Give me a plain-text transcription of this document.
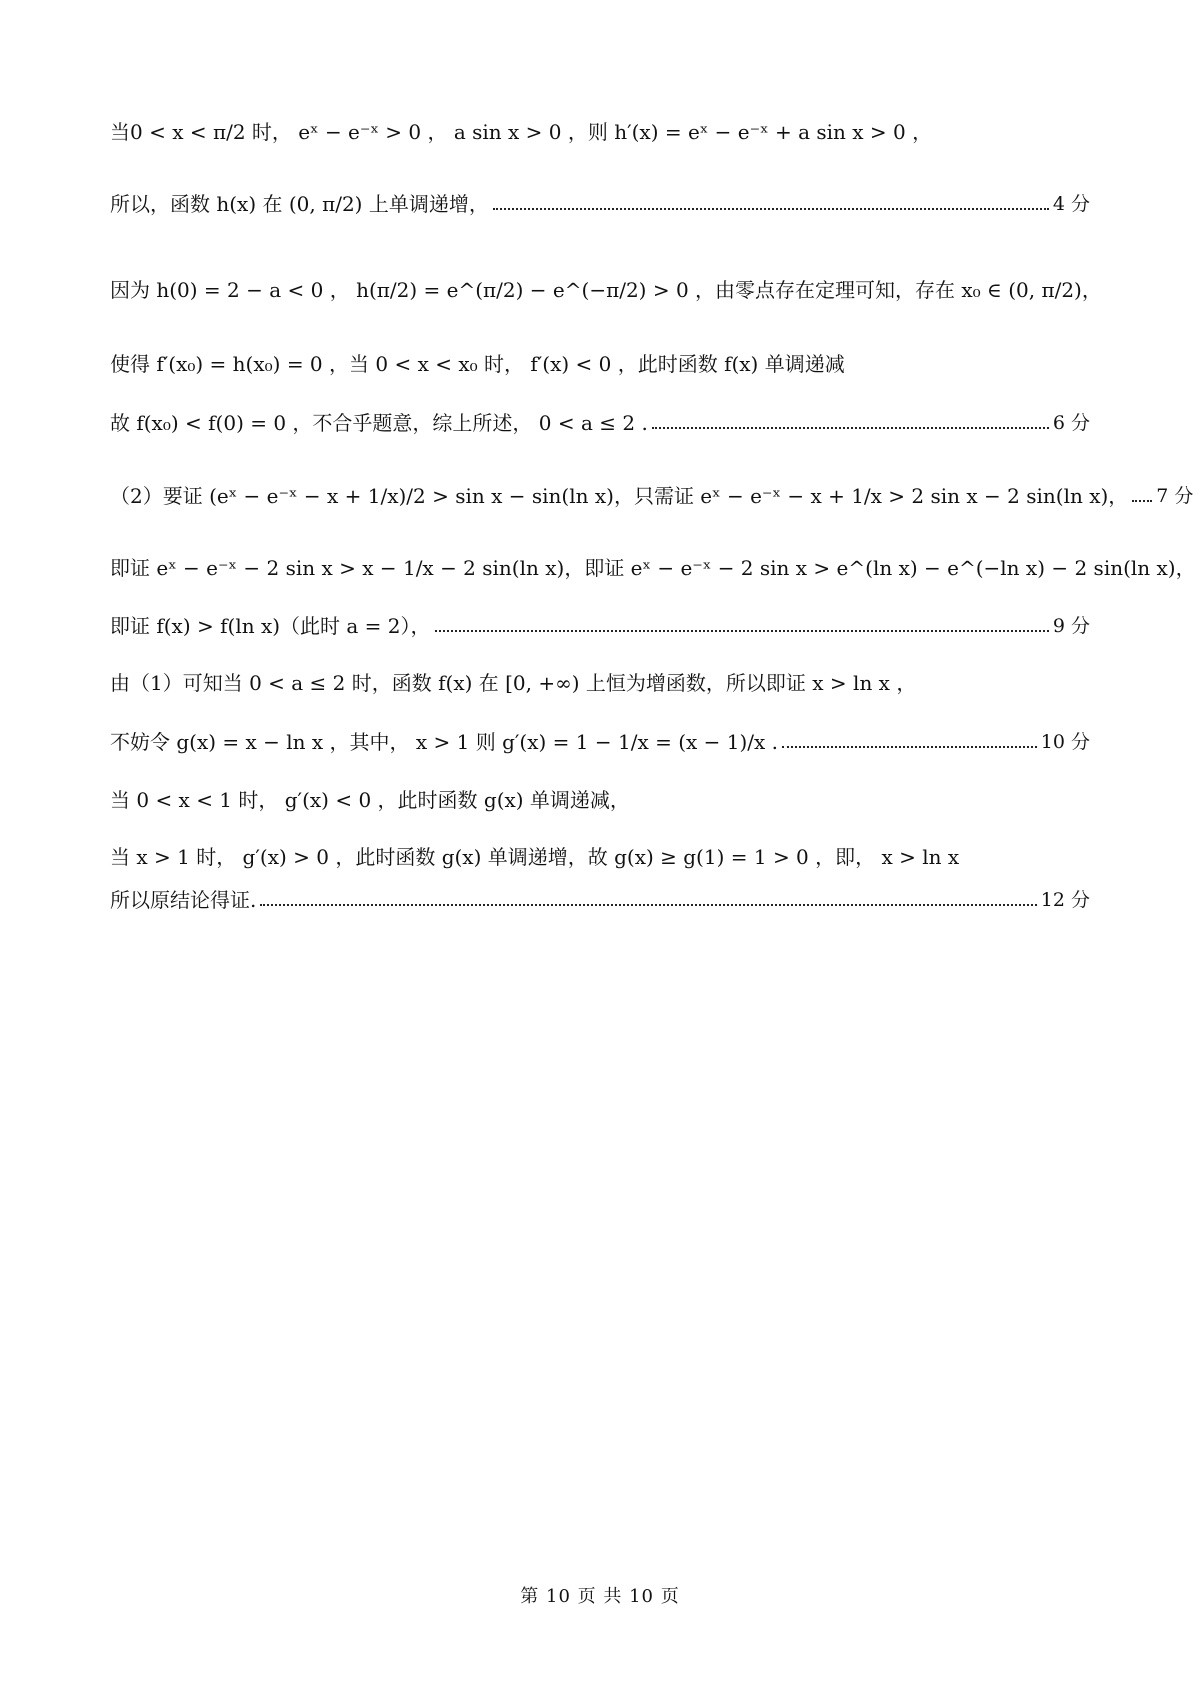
当0 < x < π/2 时， eˣ − e⁻ˣ > 0 ， a sin x > 0 ，则 h′(x) = eˣ − e⁻ˣ + a sin x > 0 ，
所以，函数 h(x) 在 (0, π/2) 上单调递增，	4 分
因为 h(0) = 2 − a < 0 ， h(π/2) = e^(π/2) − e^(−π/2) > 0 ，由零点存在定理可知，存在 x₀ ∈ (0, π/2)，
使得 f′(x₀) = h(x₀) = 0 ，当 0 < x < x₀ 时， f′(x) < 0 ，此时函数 f(x) 单调递减
故 f(x₀) < f(0) = 0 ，不合乎题意，综上所述， 0 < a ≤ 2 .	6 分
（2）要证 (eˣ − e⁻ˣ − x + 1/x)/2 > sin x − sin(ln x)，只需证 eˣ − e⁻ˣ − x + 1/x > 2 sin x − 2 sin(ln x)， 7 分
即证 eˣ − e⁻ˣ − 2 sin x > x − 1/x − 2 sin(ln x)，即证 eˣ − e⁻ˣ − 2 sin x > e^(ln x) − e^(−ln x) − 2 sin(ln x)，
即证 f(x) > f(ln x)（此时 a = 2），	9 分
由（1）可知当 0 < a ≤ 2 时，函数 f(x) 在 [0, +∞) 上恒为增函数，所以即证 x > ln x ，
不妨令 g(x) = x − ln x ，其中， x > 1 则 g′(x) = 1 − 1/x = (x − 1)/x .	10 分
当 0 < x < 1 时， g′(x) < 0 ，此时函数 g(x) 单调递减，
当 x > 1 时， g′(x) > 0 ，此时函数 g(x) 单调递增，故 g(x) ≥ g(1) = 1 > 0 ，即， x > ln x
所以原结论得证.	12 分
第 10 页 共 10 页
